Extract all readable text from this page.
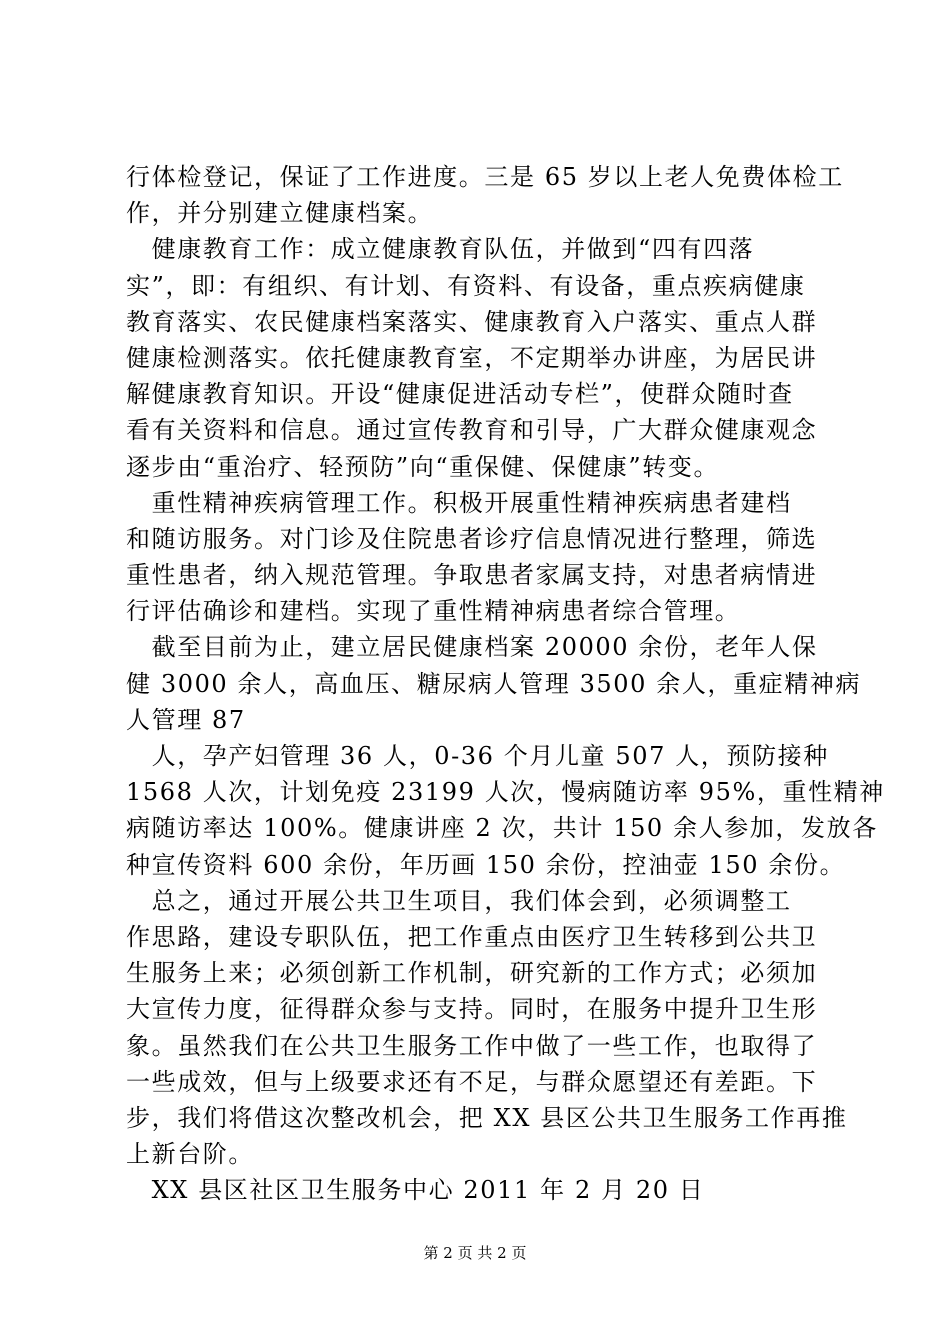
行体检登记，保证了工作进度。三是 65 岁以上老人免费体检工
作，并分别建立健康档案。
　健康教育工作：成立健康教育队伍，并做到“四有四落
实”，即：有组织、有计划、有资料、有设备，重点疾病健康
教育落实、农民健康档案落实、健康教育入户落实、重点人群
健康检测落实。依托健康教育室，不定期举办讲座，为居民讲
解健康教育知识。开设“健康促进活动专栏”，使群众随时查
看有关资料和信息。通过宣传教育和引导，广大群众健康观念
逐步由“重治疗、轻预防”向“重保健、保健康”转变。
　重性精神疾病管理工作。积极开展重性精神疾病患者建档
和随访服务。对门诊及住院患者诊疗信息情况进行整理，筛选
重性患者，纳入规范管理。争取患者家属支持，对患者病情进
行评估确诊和建档。实现了重性精神病患者综合管理。
　截至目前为止，建立居民健康档案 20000 余份，老年人保
健 3000 余人，高血压、糖尿病人管理 3500 余人，重症精神病
人管理 87
　人，孕产妇管理 36 人，0-36 个月儿童 507 人，预防接种
1568 人次，计划免疫 23199 人次，慢病随访率 95%，重性精神
病随访率达 100%。健康讲座 2 次，共计 150 余人参加，发放各
种宣传资料 600 余份，年历画 150 余份，控油壶 150 余份。
　总之，通过开展公共卫生项目，我们体会到，必须调整工
作思路，建设专职队伍，把工作重点由医疗卫生转移到公共卫
生服务上来；必须创新工作机制，研究新的工作方式；必须加
大宣传力度，征得群众参与支持。同时，在服务中提升卫生形
象。虽然我们在公共卫生服务工作中做了一些工作，也取得了
一些成效，但与上级要求还有不足，与群众愿望还有差距。下
步，我们将借这次整改机会，把 XX 县区公共卫生服务工作再推
上新台阶。
　XX 县区社区卫生服务中心 2011 年 2 月 20 日
第 2 页 共 2 页
